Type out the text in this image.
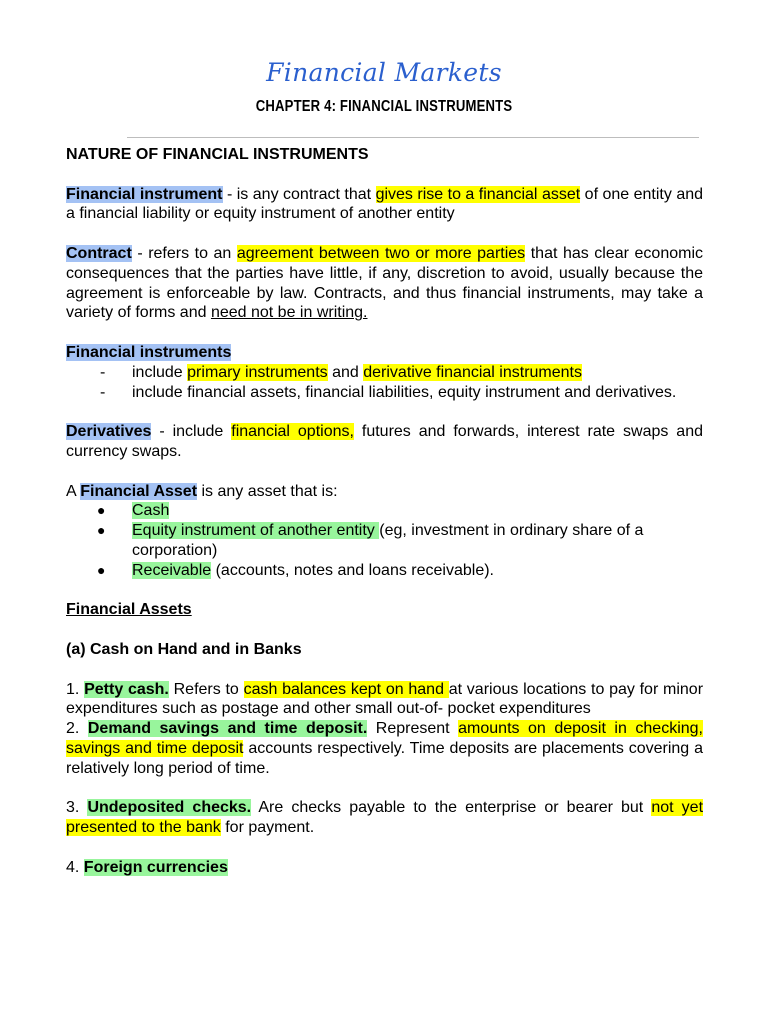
Financial Markets
CHAPTER 4: FINANCIAL INSTRUMENTS

NATURE OF FINANCIAL INSTRUMENTS

Financial instrument - is any contract that gives rise to a financial asset of one entity and a financial liability or equity instrument of another entity

Contract - refers to an agreement between two or more parties that has clear economic consequences that the parties have little, if any, discretion to avoid, usually because the agreement is enforceable by law. Contracts, and thus financial instruments, may take a variety of forms and need not be in writing.

Financial instruments

- include primary instruments and derivative financial instruments
- include financial assets, financial liabilities, equity instrument and derivatives.

Derivatives - include financial options, futures and forwards, interest rate swaps and currency swaps.

A Financial Asset is any asset that is:

● Cash
● Equity instrument of another entity (eg, investment in ordinary share of a corporation)
● Receivable (accounts, notes and loans receivable).

Financial Assets

(a) Cash on Hand and in Banks

1. Petty cash. Refers to cash balances kept on hand at various locations to pay for minor expenditures such as postage and other small out-of- pocket expenditures

2. Demand savings and time deposit. Represent amounts on deposit in checking, savings and time deposit accounts respectively. Time deposits are placements covering a relatively long period of time.

3. Undeposited checks. Are checks payable to the enterprise or bearer but not yet presented to the bank for payment.

4. Foreign currencies
